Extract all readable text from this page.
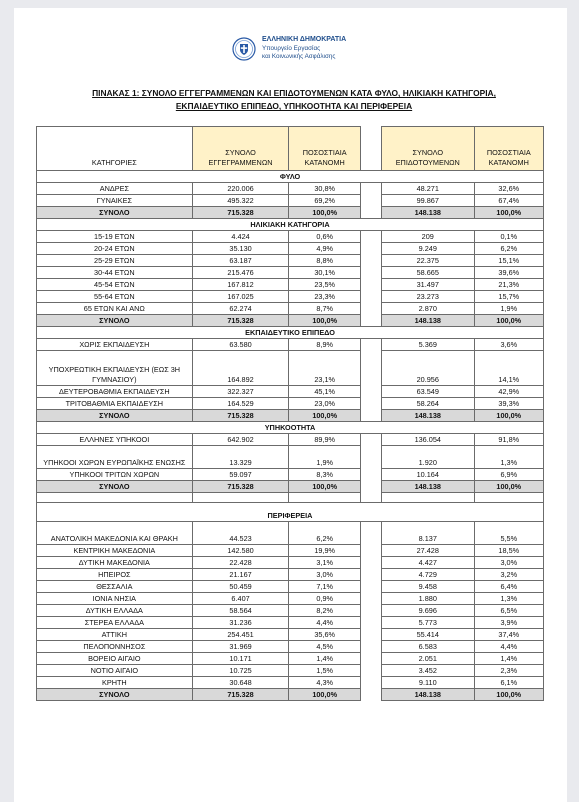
ΕΛΛΗΝΙΚΗ ΔΗΜΟΚΡΑΤΙΑ
Υπουργείο Εργασίας
και Κοινωνικής Ασφάλισης
ΠΙΝΑΚΑΣ 1: ΣΥΝΟΛΟ ΕΓΓΕΓΡΑΜΜΕΝΩΝ ΚΑΙ ΕΠΙΔΟΤΟΥΜΕΝΩΝ ΚΑΤΑ ΦΥΛΟ, ΗΛΙΚΙΑΚΗ ΚΑΤΗΓΟΡΙΑ,
ΕΚΠΑΙΔΕΥΤΙΚΟ ΕΠΙΠΕΔΟ, ΥΠΗΚΟΟΤΗΤΑ ΚΑΙ ΠΕΡΙΦΕΡΕΙΑ
ΚΑΤΗΓΟΡΙΕΣ	ΣΥΝΟΛΟ ΕΓΓΕΓΡΑΜΜΕΝΩΝ	ΠΟΣΟΣΤΙΑΙΑ ΚΑΤΑΝΟΜΗ		ΣΥΝΟΛΟ ΕΠΙΔΟΤΟΥΜΕΝΩΝ	ΠΟΣΟΣΤΙΑΙΑ ΚΑΤΑΝΟΜΗ
ΦΥΛΟ					
ΑΝΔΡΕΣ	220.006	30,8%		48.271	32,6%
ΓΥΝΑΙΚΕΣ	495.322	69,2%		99.867	67,4%
ΣΥΝΟΛΟ	715.328	100,0%		148.138	100,0%
ΗΛΙΚΙΑΚΗ ΚΑΤΗΓΟΡΙΑ					
15-19 ΕΤΩΝ	4.424	0,6%		209	0,1%
20-24 ΕΤΩΝ	35.130	4,9%		9.249	6,2%
25-29 ΕΤΩΝ	63.187	8,8%		22.375	15,1%
30-44 ΕΤΩΝ	215.476	30,1%		58.665	39,6%
45-54 ΕΤΩΝ	167.812	23,5%		31.497	21,3%
55-64 ΕΤΩΝ	167.025	23,3%		23.273	15,7%
65 ΕΤΩΝ ΚΑΙ ΑΝΩ	62.274	8,7%		2.870	1,9%
ΣΥΝΟΛΟ	715.328	100,0%		148.138	100,0%
ΕΚΠΑΙΔΕΥΤΙΚΟ ΕΠΙΠΕΔΟ					
ΧΩΡΙΣ ΕΚΠΑΙΔΕΥΣΗ	63.580	8,9%		5.369	3,6%
ΥΠΟΧΡΕΩΤΙΚΗ ΕΚΠΑΙΔΕΥΣΗ (ΕΩΣ 3Η ΓΥΜΝΑΣΙΟΥ)	164.892	23,1%		20.956	14,1%
ΔΕΥΤΕΡΟΒΑΘΜΙΑ ΕΚΠΑΙΔΕΥΣΗ	322.327	45,1%		63.549	42,9%
ΤΡΙΤΟΒΑΘΜΙΑ ΕΚΠΑΙΔΕΥΣΗ	164.529	23,0%		58.264	39,3%
ΣΥΝΟΛΟ	715.328	100,0%		148.138	100,0%
ΥΠΗΚΟΟΤΗΤΑ					
ΕΛΛΗΝΕΣ ΥΠΗΚΟΟΙ	642.902	89,9%		136.054	91,8%
ΥΠΗΚΟΟΙ ΧΩΡΩΝ ΕΥΡΩΠΑΪΚΗΣ ΕΝΩΣΗΣ	13.329	1,9%		1.920	1,3%
ΥΠΗΚΟΟΙ ΤΡΙΤΩΝ ΧΩΡΩΝ	59.097	8,3%		10.164	6,9%
ΣΥΝΟΛΟ	715.328	100,0%		148.138	100,0%

ΠΕΡΙΦΕΡΕΙΑ					
ΑΝΑΤΟΛΙΚΗ ΜΑΚΕΔΟΝΙΑ ΚΑΙ ΘΡΑΚΗ	44.523	6,2%		8.137	5,5%
ΚΕΝΤΡΙΚΗ ΜΑΚΕΔΟΝΙΑ	142.580	19,9%		27.428	18,5%
ΔΥΤΙΚΗ ΜΑΚΕΔΟΝΙΑ	22.428	3,1%		4.427	3,0%
ΗΠΕΙΡΟΣ	21.167	3,0%		4.729	3,2%
ΘΕΣΣΑΛΙΑ	50.459	7,1%		9.458	6,4%
ΙΟΝΙΑ ΝΗΣΙΑ	6.407	0,9%		1.880	1,3%
ΔΥΤΙΚΗ ΕΛΛΑΔΑ	58.564	8,2%		9.696	6,5%
ΣΤΕΡΕΑ ΕΛΛΑΔΑ	31.236	4,4%		5.773	3,9%
ΑΤΤΙΚΗ	254.451	35,6%		55.414	37,4%
ΠΕΛΟΠΟΝΝΗΣΟΣ	31.969	4,5%		6.583	4,4%
ΒΟΡΕΙΟ ΑΙΓΑΙΟ	10.171	1,4%		2.051	1,4%
ΝΟΤΙΟ ΑΙΓΑΙΟ	10.725	1,5%		3.452	2,3%
ΚΡΗΤΗ	30.648	4,3%		9.110	6,1%
ΣΥΝΟΛΟ	715.328	100,0%		148.138	100,0%
